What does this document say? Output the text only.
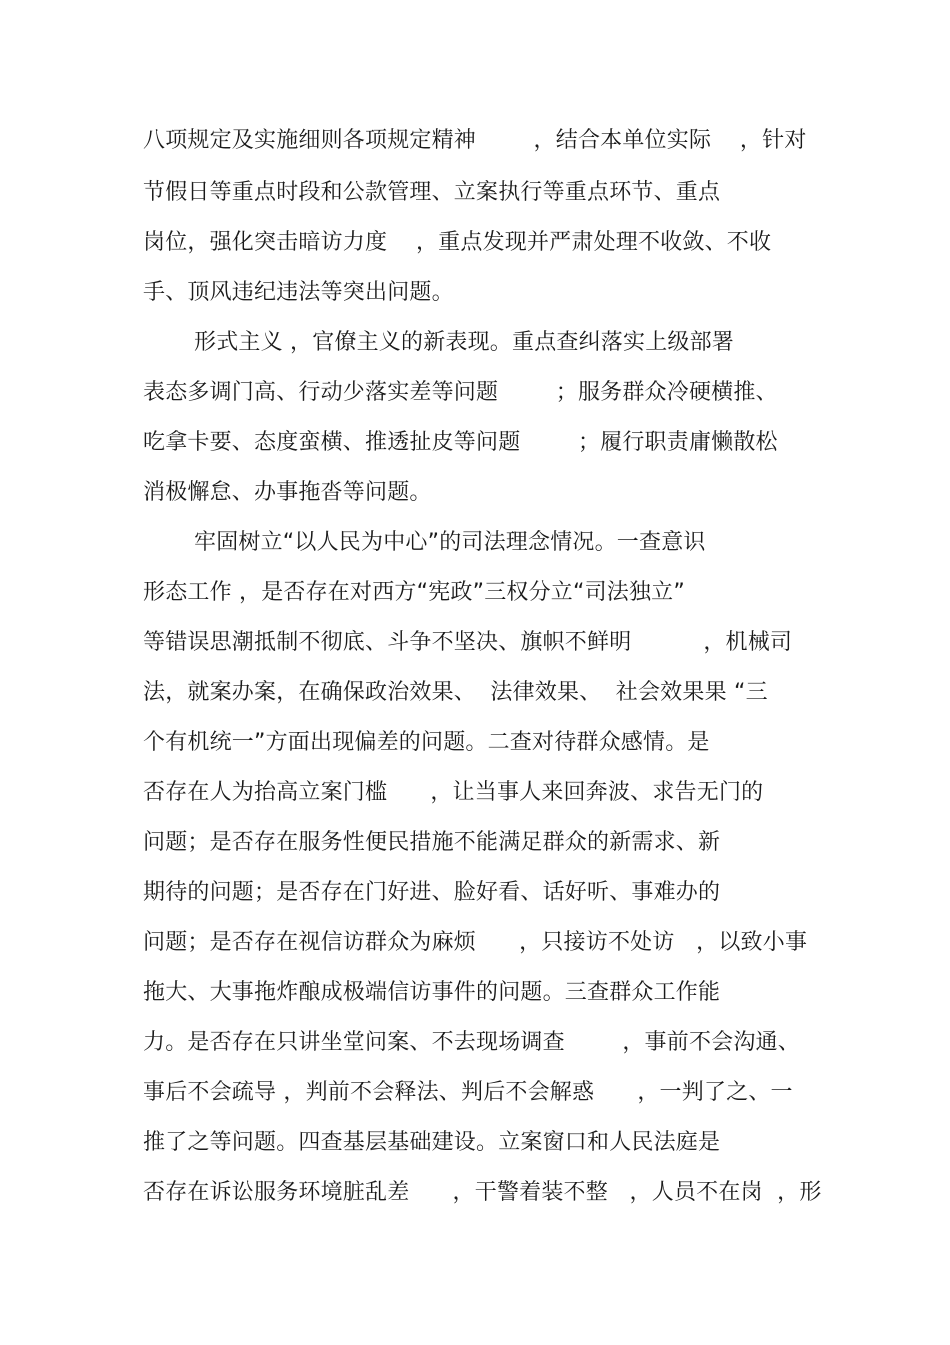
八项规定及实施细则各项规定精神        ，结合本单位实际    ，针对
节假日等重点时段和公款管理、立案执行等重点环节、重点
岗位，强化突击暗访力度    ，重点发现并严肃处理不收敛、不收
手、顶风违纪违法等突出问题。
形式主义 ，官僚主义的新表现。重点查纠落实上级部署
表态多调门高、行动少落实差等问题        ；服务群众冷硬横推、
吃拿卡要、态度蛮横、推透扯皮等问题        ；履行职责庸懒散松
消极懈怠、办事拖沓等问题。
牢固树立“以人民为中心”的司法理念情况。一查意识
形态工作 ，是否存在对西方“宪政”三权分立“司法独立”
等错误思潮抵制不彻底、斗争不坚决、旗帜不鲜明          ，机械司
法，就案办案，在确保政治效果、  法律效果、  社会效果果 “三
个有机统一”方面出现偏差的问题。二查对待群众感情。是
否存在人为抬高立案门槛      ，让当事人来回奔波、求告无门的
问题；是否存在服务性便民措施不能满足群众的新需求、新
期待的问题；是否存在门好进、脸好看、话好听、事难办的
问题；是否存在视信访群众为麻烦      ，只接访不处访   ，以致小事
拖大、大事拖炸酿成极端信访事件的问题。三查群众工作能
力。是否存在只讲坐堂问案、不去现场调查        ，事前不会沟通、
事后不会疏导 ，判前不会释法、判后不会解惑      ，一判了之、一
推了之等问题。四查基层基础建设。立案窗口和人民法庭是
否存在诉讼服务环境脏乱差      ，干警着装不整   ，人员不在岗  ，形
